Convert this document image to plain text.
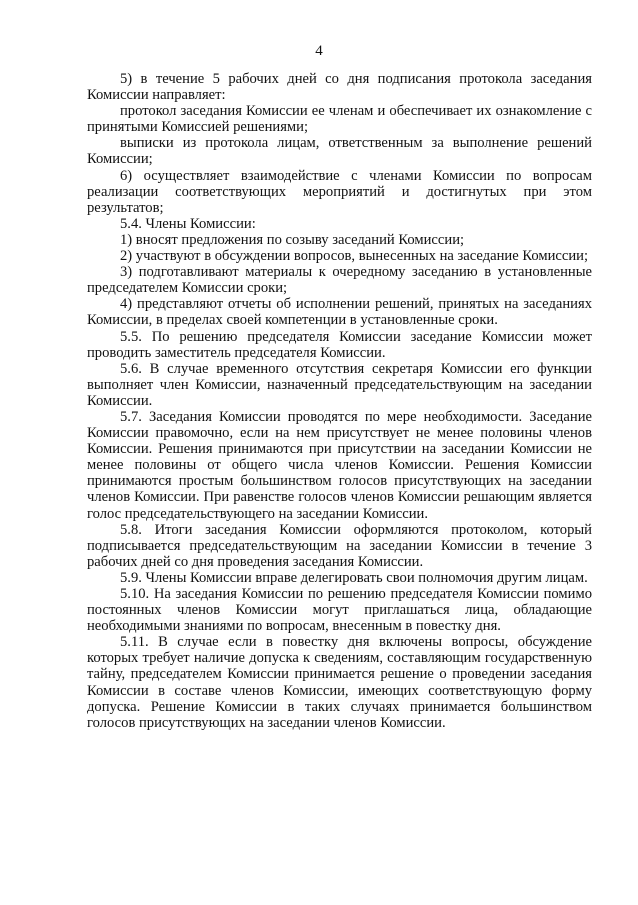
4

5) в течение 5 рабочих дней со дня подписания протокола заседания Комиссии направляет:

протокол заседания Комиссии ее членам и обеспечивает их ознакомление с принятыми Комиссией решениями;

выписки из протокола лицам, ответственным за выполнение решений Комиссии;

6) осуществляет взаимодействие с членами Комиссии по вопросам реализации соответствующих мероприятий и достигнутых при этом результатов;

5.4. Члены Комиссии:

1) вносят предложения по созыву заседаний Комиссии;

2) участвуют в обсуждении вопросов, вынесенных на заседание Комиссии;

3) подготавливают материалы к очередному заседанию в установленные председателем Комиссии сроки;

4) представляют отчеты об исполнении решений, принятых на заседаниях Комиссии, в пределах своей компетенции в установленные сроки.

5.5. По решению председателя Комиссии заседание Комиссии может проводить заместитель председателя Комиссии.

5.6. В случае временного отсутствия секретаря Комиссии его функции выполняет член Комиссии, назначенный председательствующим на заседании Комиссии.

5.7. Заседания Комиссии проводятся по мере необходимости. Заседание Комиссии правомочно, если на нем присутствует не менее половины членов Комиссии. Решения принимаются при присутствии на заседании Комиссии не менее половины от общего числа членов Комиссии. Решения Комиссии принимаются простым большинством голосов присутствующих на заседании членов Комиссии. При равенстве голосов членов Комиссии решающим является голос председательствующего на заседании Комиссии.

5.8. Итоги заседания Комиссии оформляются протоколом, который подписывается председательствующим на заседании Комиссии в течение 3 рабочих дней со дня проведения заседания Комиссии.

5.9. Члены Комиссии вправе делегировать свои полномочия другим лицам.

5.10. На заседания Комиссии по решению председателя Комиссии помимо постоянных членов Комиссии могут приглашаться лица, обладающие необходимыми знаниями по вопросам, внесенным в повестку дня.

5.11. В случае если в повестку дня включены вопросы, обсуждение которых требует наличие допуска к сведениям, составляющим государственную тайну, председателем Комиссии принимается решение о проведении заседания Комиссии в составе членов Комиссии, имеющих соответствующую форму допуска. Решение Комиссии в таких случаях принимается большинством голосов присутствующих на заседании членов Комиссии.
